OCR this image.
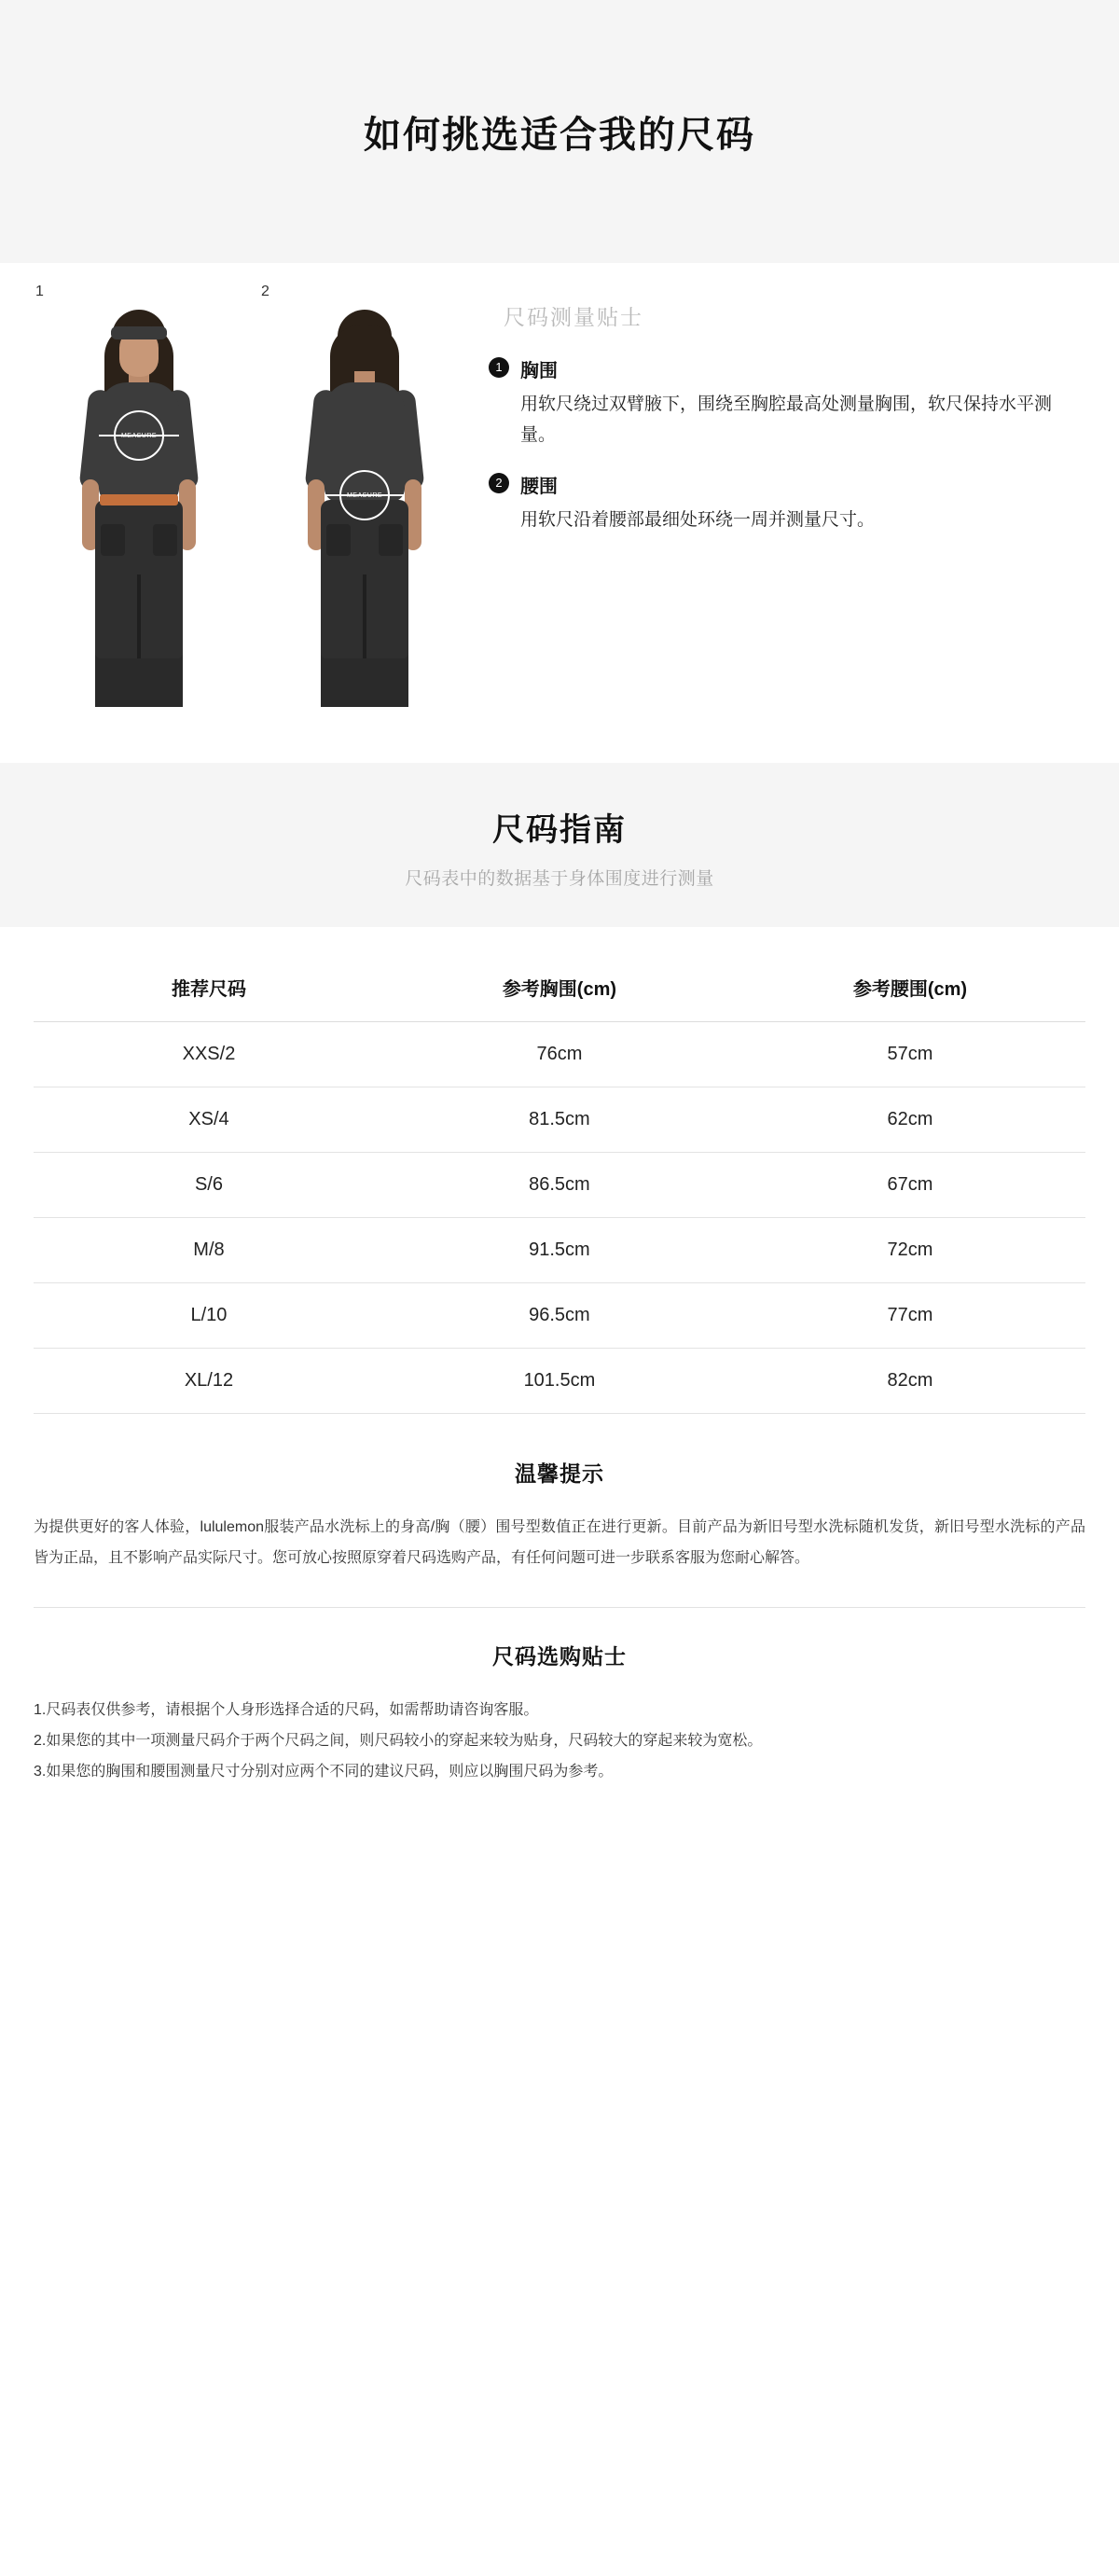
如何挑选适合我的尺码
1
MEASURE
2
MEASURE
尺码测量贴士
1 胸围
用软尺绕过双臂腋下，围绕至胸腔最高处测量胸围，软尺保持水平测量。
2 腰围
用软尺沿着腰部最细处环绕一周并测量尺寸。
尺码指南

尺码表中的数据基于身体围度进行测量

推荐尺码	参考胸围(cm)	参考腰围(cm)
XXS/2	76cm	57cm
XS/4	81.5cm	62cm
S/6	86.5cm	67cm
M/8	91.5cm	72cm
L/10	96.5cm	77cm
XL/12	101.5cm	82cm
温馨提示

为提供更好的客人体验，lululemon服装产品水洗标上的身高/胸（腰）围号型数值正在进行更新。目前产品为新旧号型水洗标随机发货，新旧号型水洗标的产品皆为正品，且不影响产品实际尺寸。您可放心按照原穿着尺码选购产品，有任何问题可进一步联系客服为您耐心解答。

尺码选购贴士
1.尺码表仅供参考，请根据个人身形选择合适的尺码，如需帮助请咨询客服。
2.如果您的其中一项测量尺码介于两个尺码之间，则尺码较小的穿起来较为贴身，尺码较大的穿起来较为宽松。
3.如果您的胸围和腰围测量尺寸分别对应两个不同的建议尺码，则应以胸围尺码为参考。
